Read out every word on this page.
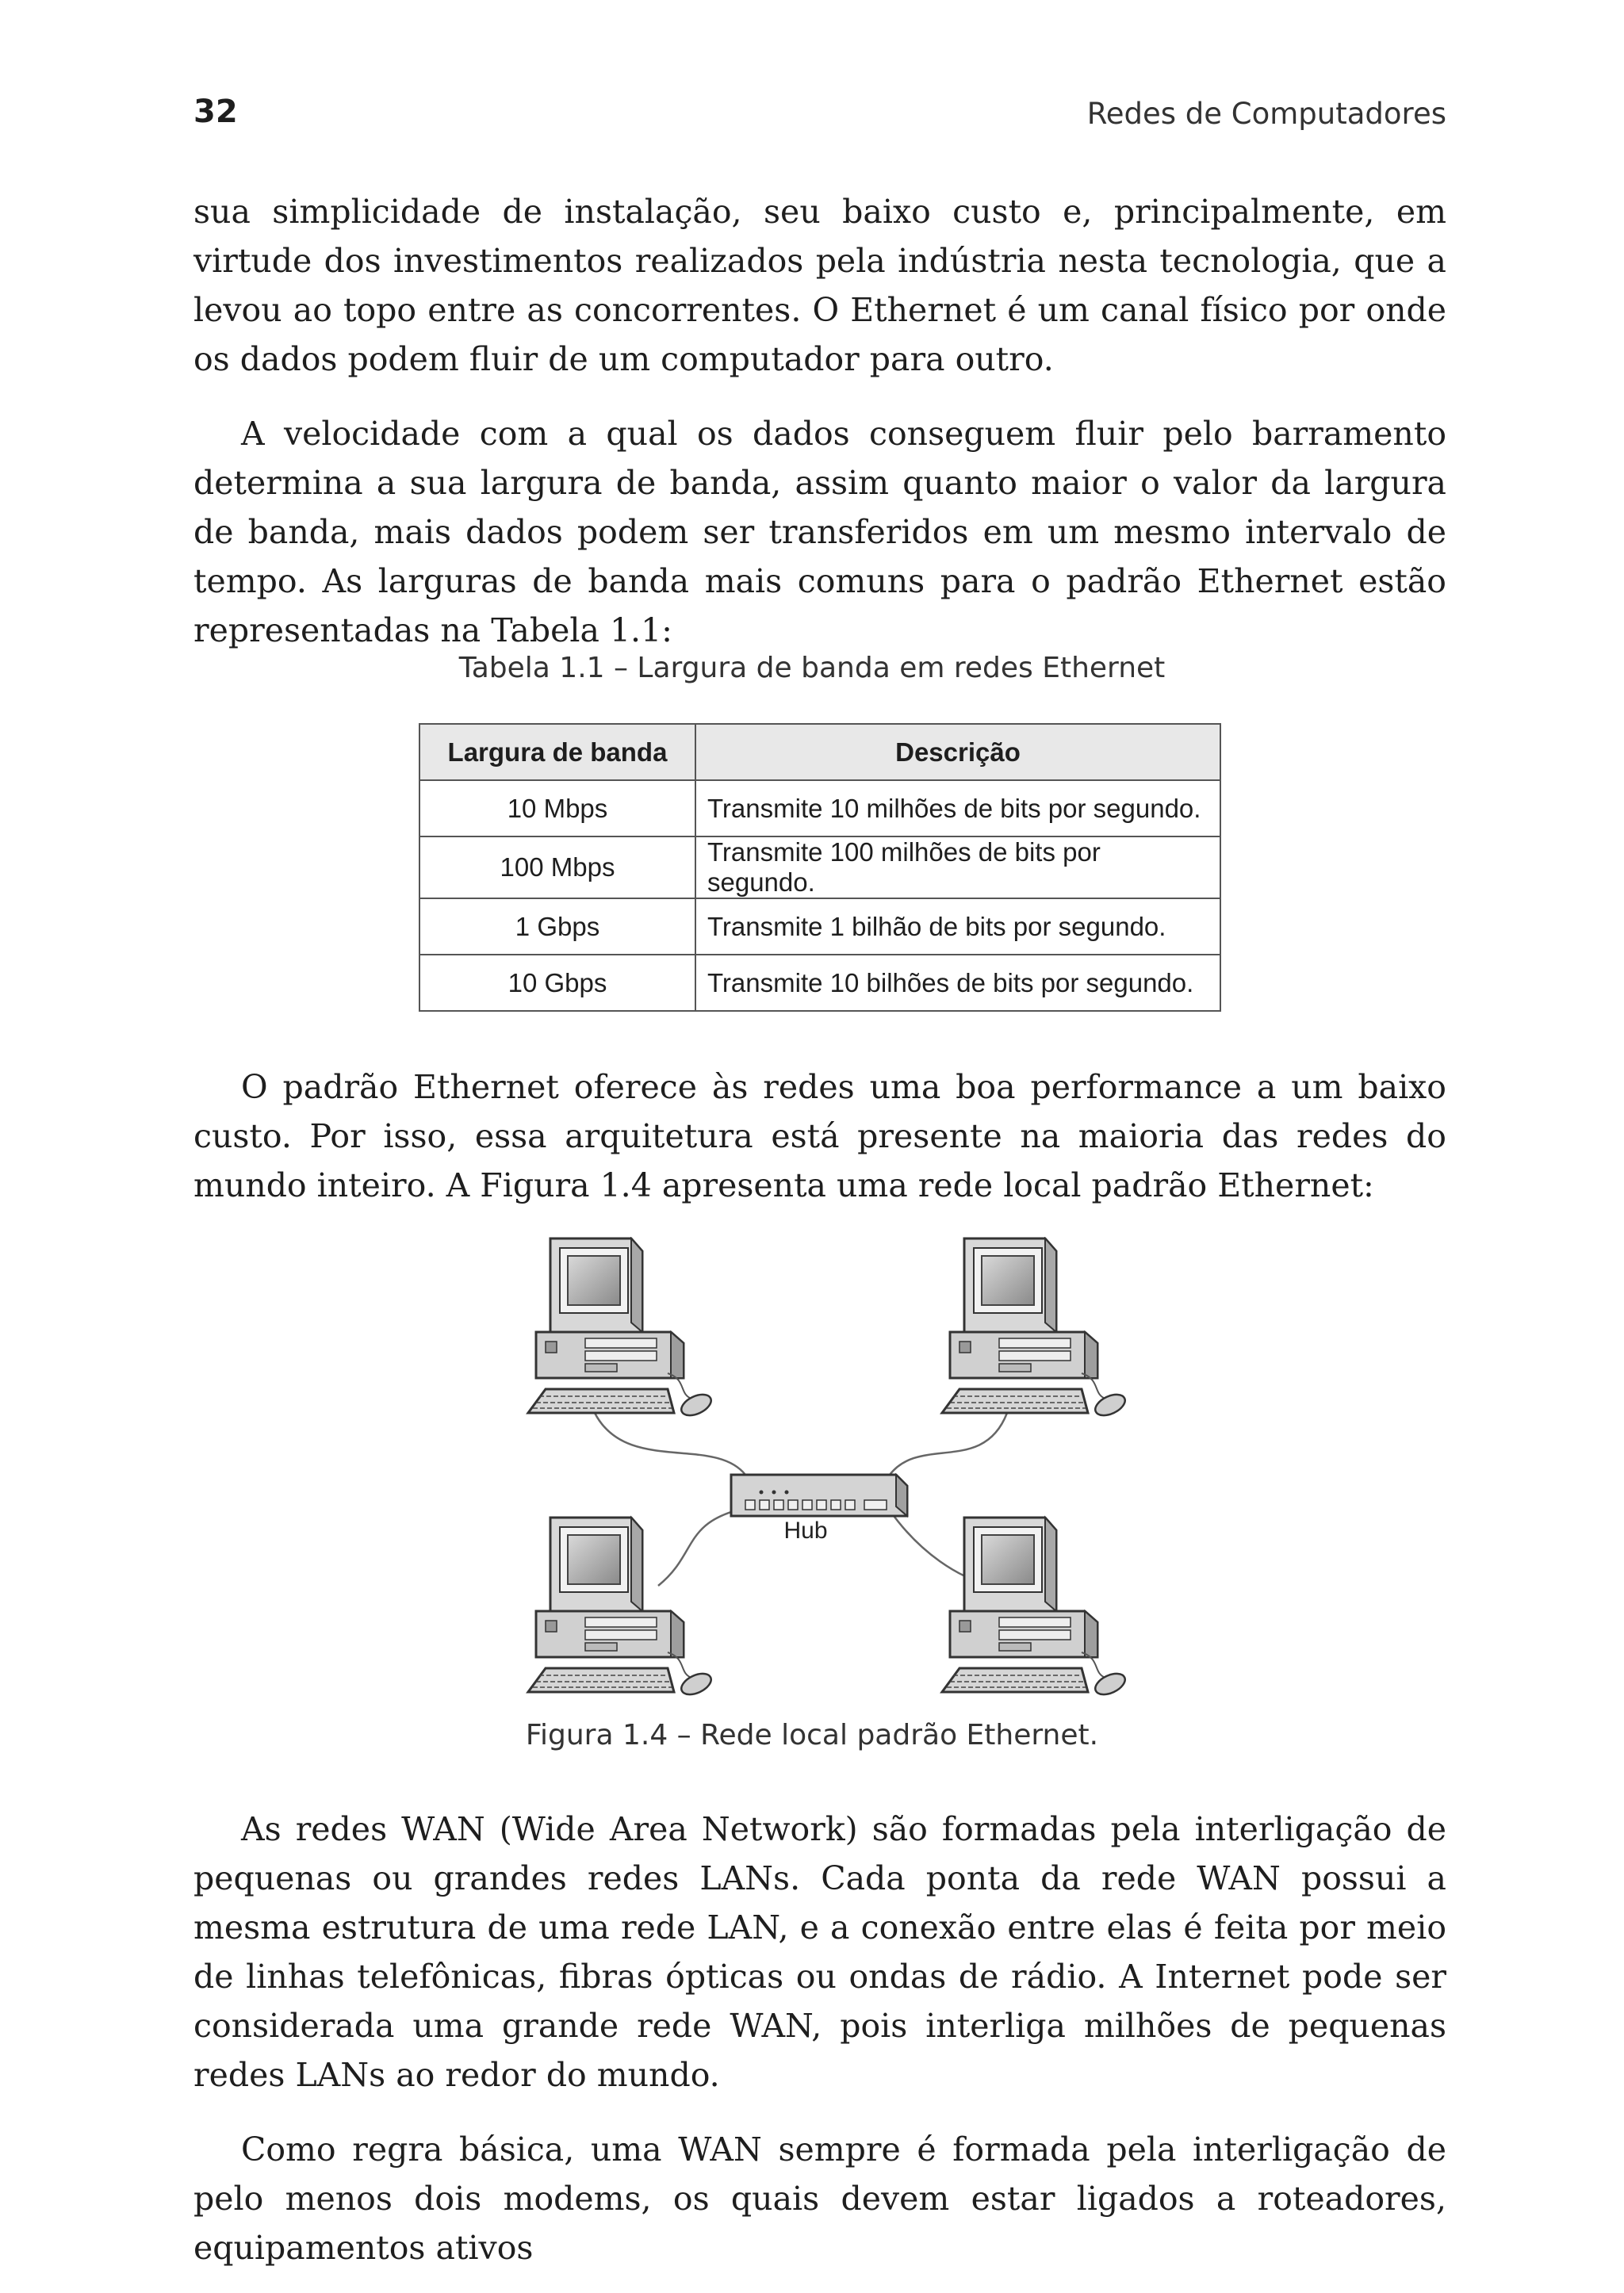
32	Redes de Computadores

sua simplicidade de instalação, seu baixo custo e, principalmente, em virtude dos investimentos realizados pela indústria nesta tecnologia, que a levou ao topo entre as concorrentes. O Ethernet é um canal físico por onde os dados podem fluir de um computador para outro.

A velocidade com a qual os dados conseguem fluir pelo barramento determina a sua largura de banda, assim quanto maior o valor da largura de banda, mais dados podem ser transferidos em um mesmo intervalo de tempo. As larguras de banda mais comuns para o padrão Ethernet estão representadas na Tabela 1.1:

Tabela 1.1 – Largura de banda em redes Ethernet
Largura de banda	Descrição
10 Mbps	Transmite 10 milhões de bits por segundo.
100 Mbps	Transmite 100 milhões de bits por segundo.
1 Gbps	Transmite 1 bilhão de bits por segundo.
10 Gbps	Transmite 10 bilhões de bits por segundo.

O padrão Ethernet oferece às redes uma boa performance a um baixo custo. Por isso, essa arquitetura está presente na maioria das redes do mundo inteiro. A Figura 1.4 apresenta uma rede local padrão Ethernet:

Hub
Figura 1.4 – Rede local padrão Ethernet.

As redes WAN (Wide Area Network) são formadas pela interligação de pequenas ou grandes redes LANs. Cada ponta da rede WAN possui a mesma estrutura de uma rede LAN, e a conexão entre elas é feita por meio de linhas telefônicas, fibras ópticas ou ondas de rádio. A Internet pode ser considerada uma grande rede WAN, pois interliga milhões de pequenas redes LANs ao redor do mundo.

Como regra básica, uma WAN sempre é formada pela interligação de pelo menos dois modems, os quais devem estar ligados a roteadores, equipamentos ativos
